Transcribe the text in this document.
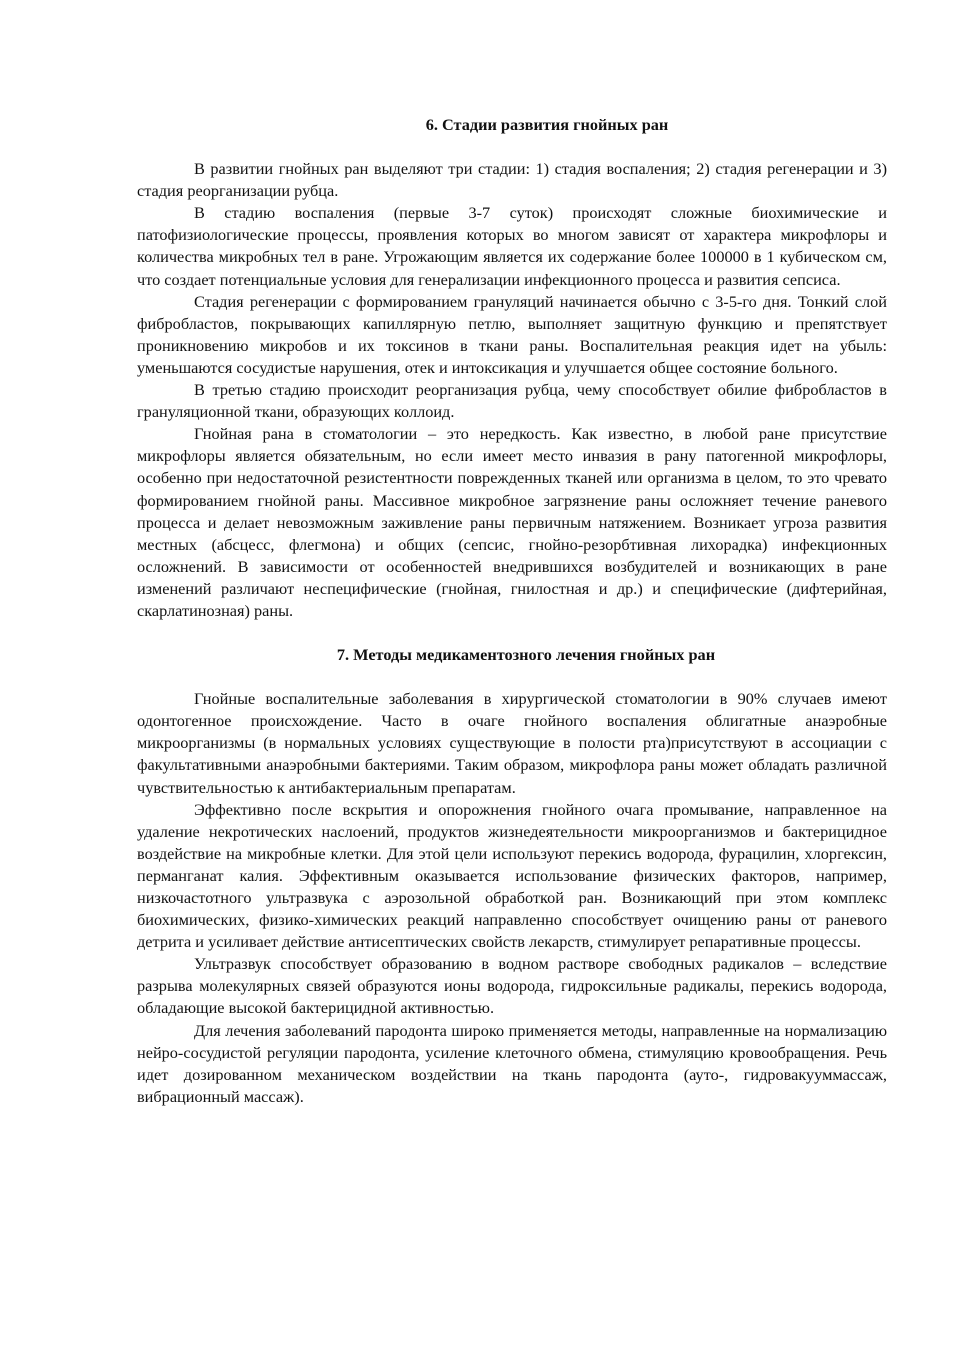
6. Стадии развития гнойных ран

В развитии гнойных ран выделяют три стадии: 1) стадия воспаления; 2) стадия регенерации и 3) стадия реорганизации рубца.

В стадию воспаления (первые 3-7 суток) происходят сложные биохимические и патофизиологические процессы, проявления которых во многом зависят от характера микрофлоры и количества микробных тел в ране. Угрожающим является их содержание более 100000 в 1 кубическом см, что создает потенциальные условия для генерализации инфекционного процесса и развития сепсиса.

Стадия регенерации с формированием грануляций начинается обычно с 3-5-го дня. Тонкий слой фибробластов, покрывающих капиллярную петлю, выполняет защитную функцию и препятствует проникновению микробов и их токсинов в ткани раны. Воспалительная реакция идет на убыль: уменьшаются сосудистые нарушения, отек и интоксикация и улучшается общее состояние больного.

В третью стадию происходит реорганизация рубца, чему способствует обилие фибробластов в грануляционной ткани, образующих коллоид.

Гнойная рана в стоматологии – это нередкость. Как известно, в любой ране присутствие микрофлоры является обязательным, но если имеет место инвазия в рану патогенной микрофлоры, особенно при недостаточной резистентности поврежденных тканей или организма в целом, то это чревато формированием гнойной раны. Массивное микробное загрязнение раны осложняет течение раневого процесса и делает невозможным заживление раны первичным натяжением. Возникает угроза развития местных (абсцесс, флегмона) и общих (сепсис, гнойно-резорбтивная лихорадка) инфекционных осложнений. В зависимости от особенностей внедрившихся возбудителей и возникающих в ране изменений различают неспецифические (гнойная, гнилостная и др.) и специфические (дифтерийная, скарлатинозная) раны.

7. Методы медикаментозного лечения гнойных ран

Гнойные воспалительные заболевания в хирургической стоматологии в 90% случаев имеют одонтогенное происхождение. Часто в очаге гнойного воспаления облигатные анаэробные микроорганизмы (в нормальных условиях существующие в полости рта)присутствуют в ассоциации с факультативными анаэробными бактериями. Таким образом, микрофлора раны может обладать различной чувствительностью к антибактериальным препаратам.

Эффективно после вскрытия и опорожнения гнойного очага промывание, направленное на удаление некротических наслоений, продуктов жизнедеятельности микроорганизмов и бактерицидное воздействие на микробные клетки. Для этой цели используют перекись водорода, фурацилин, хлоргексин, перманганат калия. Эффективным оказывается использование физических факторов, например, низкочастотного ультразвука с аэрозольной обработкой ран. Возникающий при этом комплекс биохимических, физико-химических реакций направленно способствует очищению раны от раневого детрита и усиливает действие антисептических свойств лекарств, стимулирует репаративные процессы.

Ультразвук способствует образованию в водном растворе свободных радикалов – вследствие разрыва молекулярных связей образуются ионы водорода, гидроксильные радикалы, перекись водорода, обладающие высокой бактерицидной активностью.

Для лечения заболеваний пародонта широко применяется методы, направленные на нормализацию нейро-сосудистой регуляции пародонта, усиление клеточного обмена, стимуляцию кровообращения. Речь идет дозированном механическом воздействии на ткань пародонта (ауто-, гидровакууммассаж, вибрационный массаж).
